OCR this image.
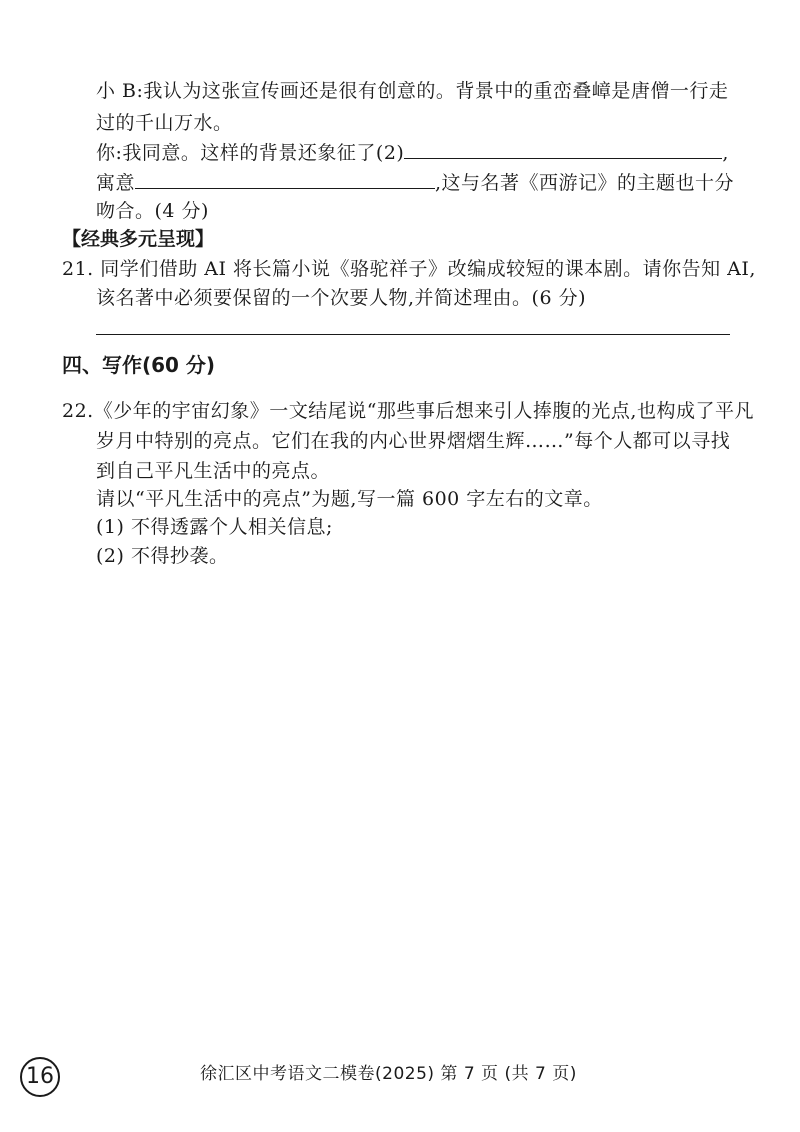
小 B:我认为这张宣传画还是很有创意的。背景中的重峦叠嶂是唐僧一行走
过的千山万水。
你:我同意。这样的背景还象征了(2)	,
寓意	,这与名著《西游记》的主题也十分
吻合。(4 分)
【经典多元呈现】
21. 同学们借助 AI 将长篇小说《骆驼祥子》改编成较短的课本剧。请你告知 AI,
该名著中必须要保留的一个次要人物,并简述理由。(6 分)
四、写作(60 分)
22.《少年的宇宙幻象》一文结尾说“那些事后想来引人捧腹的光点,也构成了平凡
岁月中特别的亮点。它们在我的内心世界熠熠生辉……”每个人都可以寻找
到自己平凡生活中的亮点。
请以“平凡生活中的亮点”为题,写一篇 600 字左右的文章。
(1) 不得透露个人相关信息;
(2) 不得抄袭。
16	徐汇区中考语文二模卷(2025) 第 7 页 (共 7 页)
